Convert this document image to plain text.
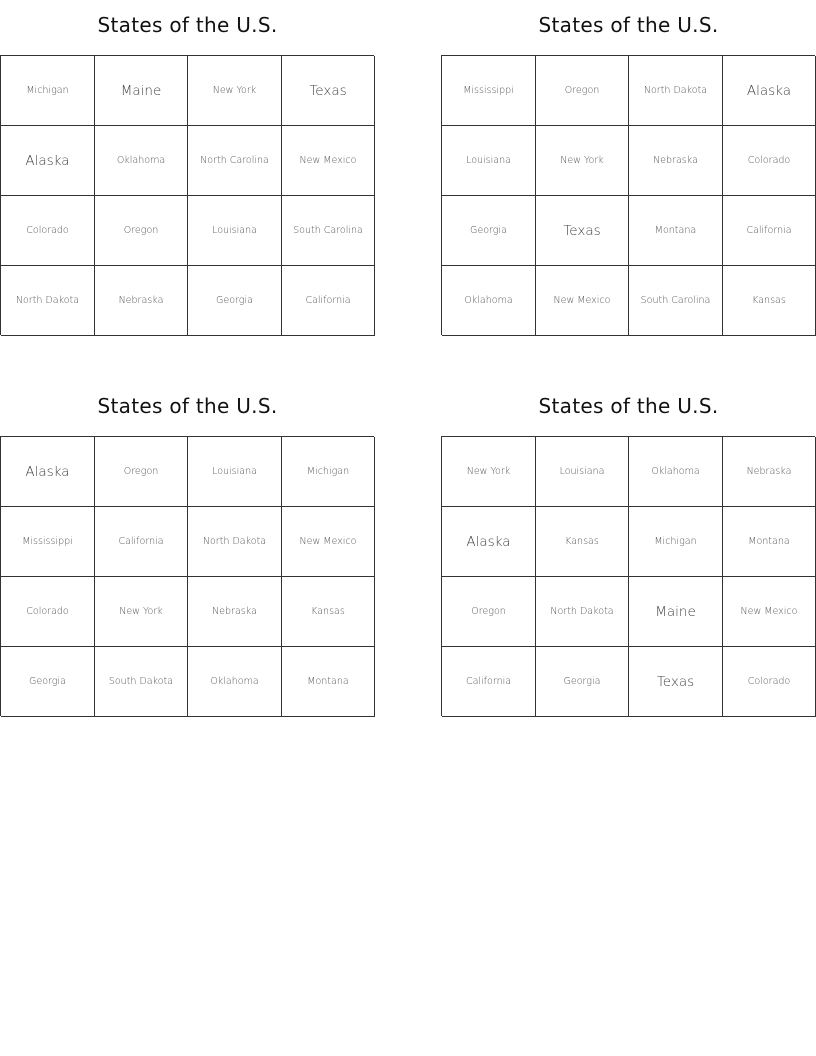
States of the U.S.
Michigan	Maine	New York	Texas
Alaska	Oklahoma	North Carolina	New Mexico
Colorado	Oregon	Louisiana	South Carolina
North Dakota	Nebraska	Georgia	California
States of the U.S.
Mississippi	Oregon	North Dakota	Alaska
Louisiana	New York	Nebraska	Colorado
Georgia	Texas	Montana	California
Oklahoma	New Mexico	South Carolina	Kansas
States of the U.S.
Alaska	Oregon	Louisiana	Michigan
Mississippi	California	North Dakota	New Mexico
Colorado	New York	Nebraska	Kansas
Georgia	South Dakota	Oklahoma	Montana
States of the U.S.
New York	Louisiana	Oklahoma	Nebraska
Alaska	Kansas	Michigan	Montana
Oregon	North Dakota	Maine	New Mexico
California	Georgia	Texas	Colorado
